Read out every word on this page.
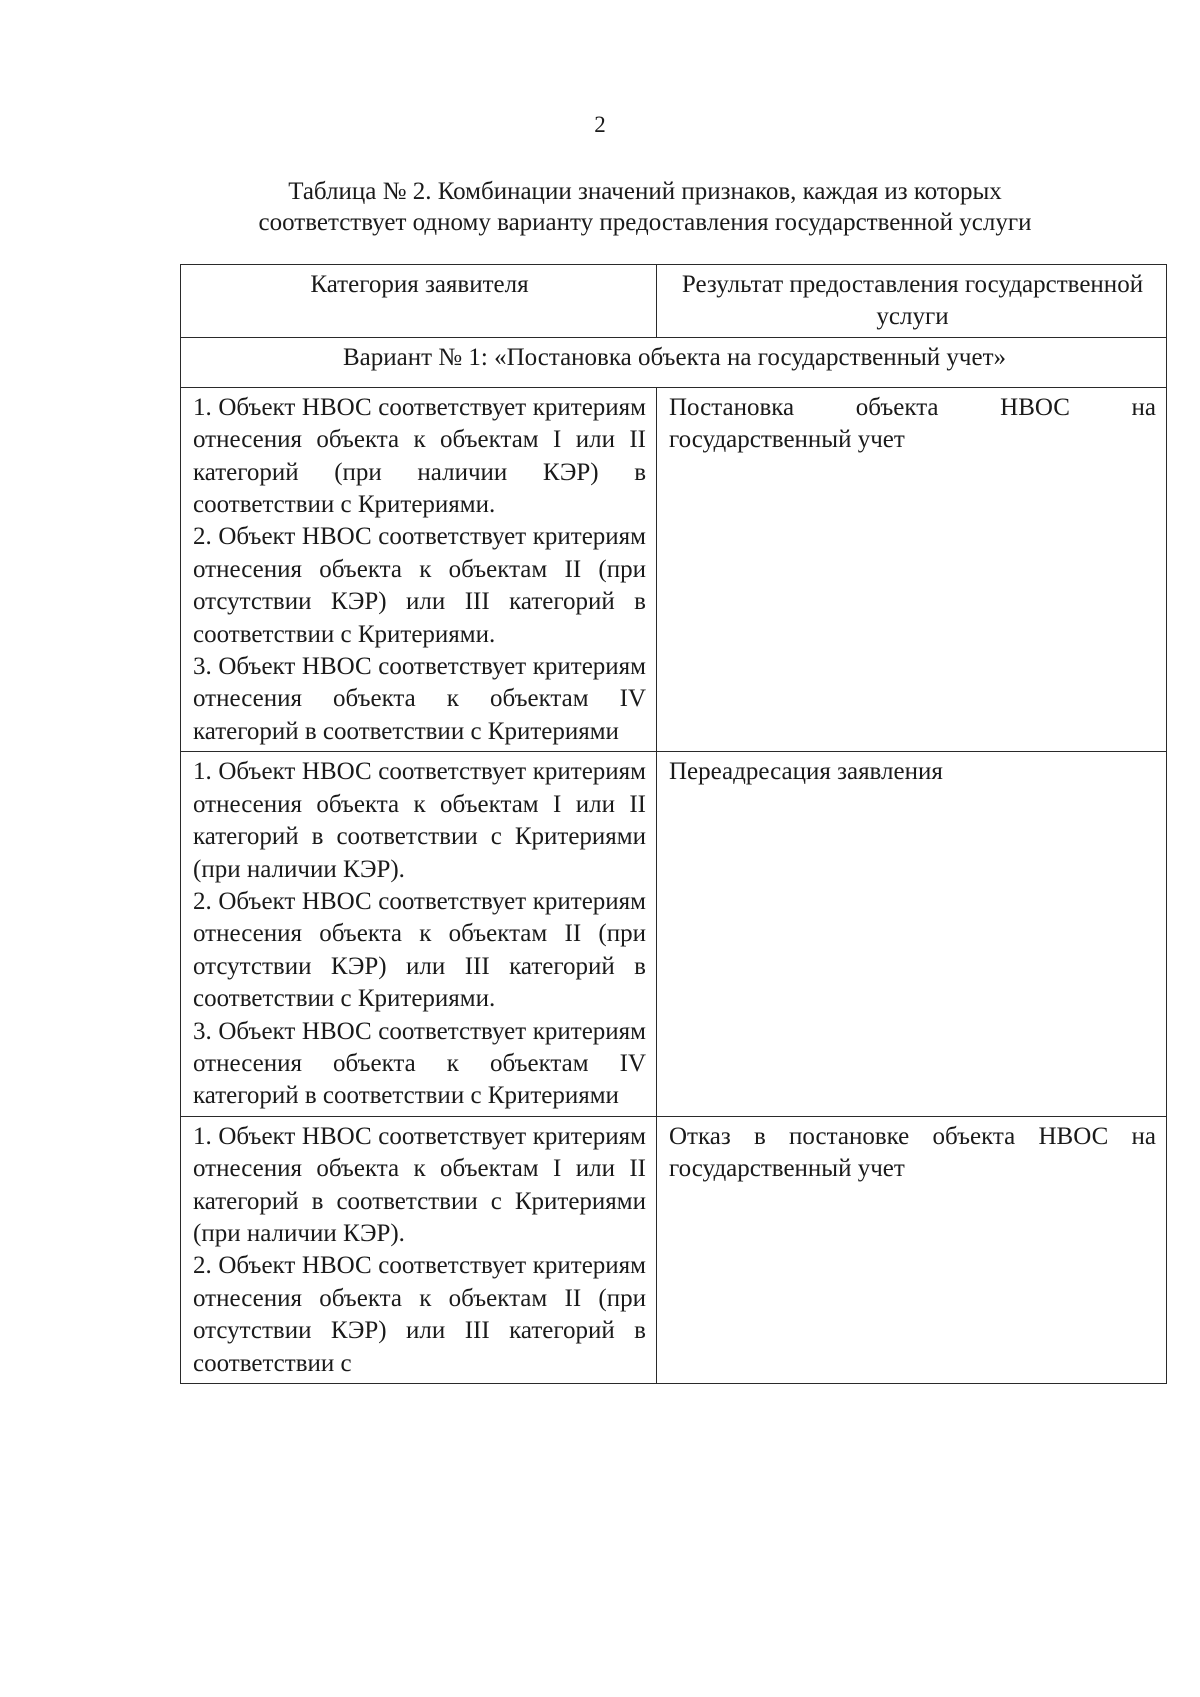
2
Таблица № 2. Комбинации значений признаков, каждая из которых
соответствует одному варианту предоставления государственной услуги
Категория заявителя	Результат предоставления государственной услуги
Вариант № 1: «Постановка объекта на государственный учет»	

1. Объект НВОС соответствует критериям отнесения объекта к объектам I или II категорий (при наличии КЭР) в соответствии с Критериями.

2. Объект НВОС соответствует критериям отнесения объекта к объектам II (при отсутствии КЭР) или III категорий в соответствии с Критериями.

3. Объект НВОС соответствует критериям отнесения объекта к объектам IV категорий в соответствии с Критериями	Постановка объекта НВОС на государственный учет

1. Объект НВОС соответствует критериям отнесения объекта к объектам I или II категорий в соответствии с Критериями (при наличии КЭР).

2. Объект НВОС соответствует критериям отнесения объекта к объектам II (при отсутствии КЭР) или III категорий в соответствии с Критериями.

3. Объект НВОС соответствует критериям отнесения объекта к объектам IV категорий в соответствии с Критериями	Переадресация заявления

1. Объект НВОС соответствует критериям отнесения объекта к объектам I или II категорий в соответствии с Критериями (при наличии КЭР).

2. Объект НВОС соответствует критериям отнесения объекта к объектам II (при отсутствии КЭР) или III категорий в соответствии с	Отказ в постановке объекта НВОС на государственный учет
